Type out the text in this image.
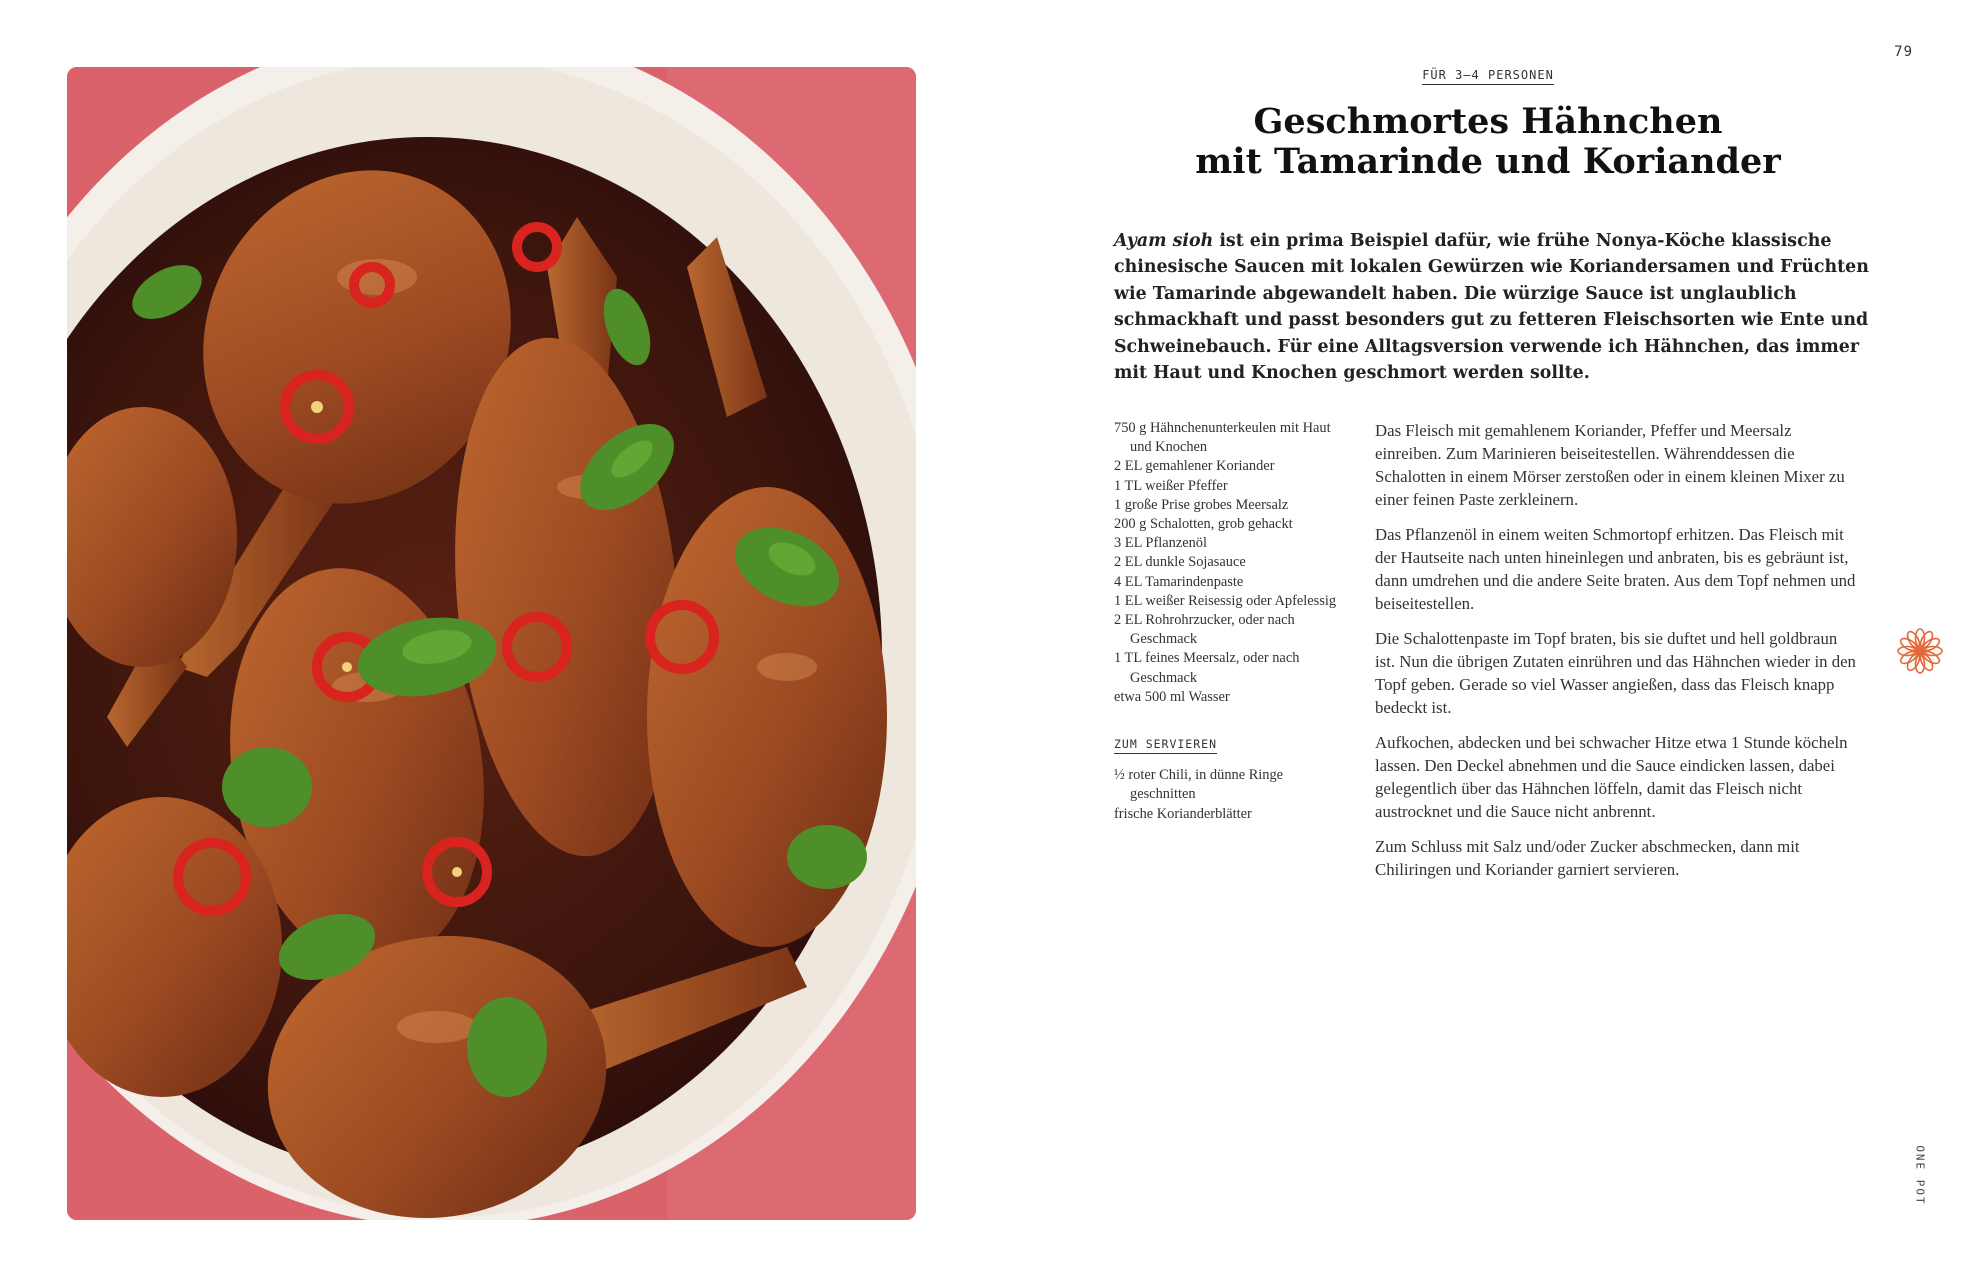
79
FÜR 3–4 PERSONEN
Geschmortes Hähnchen
mit Tamarinde und Koriander

Ayam sioh ist ein prima Beispiel dafür, wie frühe Nonya-Köche klassische chinesische Saucen mit lokalen Gewürzen wie Koriandersamen und Früchten wie Tamarinde abgewandelt haben. Die würzige Sauce ist unglaublich schmackhaft und passt besonders gut zu fetteren Fleischsorten wie Ente und Schweinebauch. Für eine Alltagsversion verwende ich Hähnchen, das immer mit Haut und Knochen geschmort werden sollte.

750 g Hähnchenunterkeulen mit Haut und Knochen
2 EL gemahlener Koriander
1 TL weißer Pfeffer
1 große Prise grobes Meersalz
200 g Schalotten, grob gehackt
3 EL Pflanzenöl
2 EL dunkle Sojasauce
4 EL Tamarindenpaste
1 EL weißer Reisessig oder Apfelessig
2 EL Rohrohrzucker, oder nach Geschmack
1 TL feines Meersalz, oder nach Geschmack
etwa 500 ml Wasser
ZUM SERVIEREN
½ roter Chili, in dünne Ringe geschnitten
frische Korianderblätter

Das Fleisch mit gemahlenem Koriander, Pfeffer und Meersalz einreiben. Zum Marinieren beiseitestellen. Währenddessen die Schalotten in einem Mörser zerstoßen oder in einem kleinen Mixer zu einer feinen Paste zerkleinern.

Das Pflanzenöl in einem weiten Schmortopf erhitzen. Das Fleisch mit der Hautseite nach unten hineinlegen und anbraten, bis es gebräunt ist, dann umdrehen und die andere Seite braten. Aus dem Topf nehmen und beiseitestellen.

Die Schalottenpaste im Topf braten, bis sie duftet und hell goldbraun ist. Nun die übrigen Zutaten einrühren und das Hähnchen wieder in den Topf geben. Gerade so viel Wasser angießen, dass das Fleisch knapp bedeckt ist.

Aufkochen, abdecken und bei schwacher Hitze etwa 1 Stunde köcheln lassen. Den Deckel abnehmen und die Sauce eindicken lassen, dabei gelegentlich über das Hähnchen löffeln, damit das Fleisch nicht austrocknet und die Sauce nicht anbrennt.

Zum Schluss mit Salz und/oder Zucker abschmecken, dann mit Chiliringen und Koriander garniert servieren.

ONE POT
